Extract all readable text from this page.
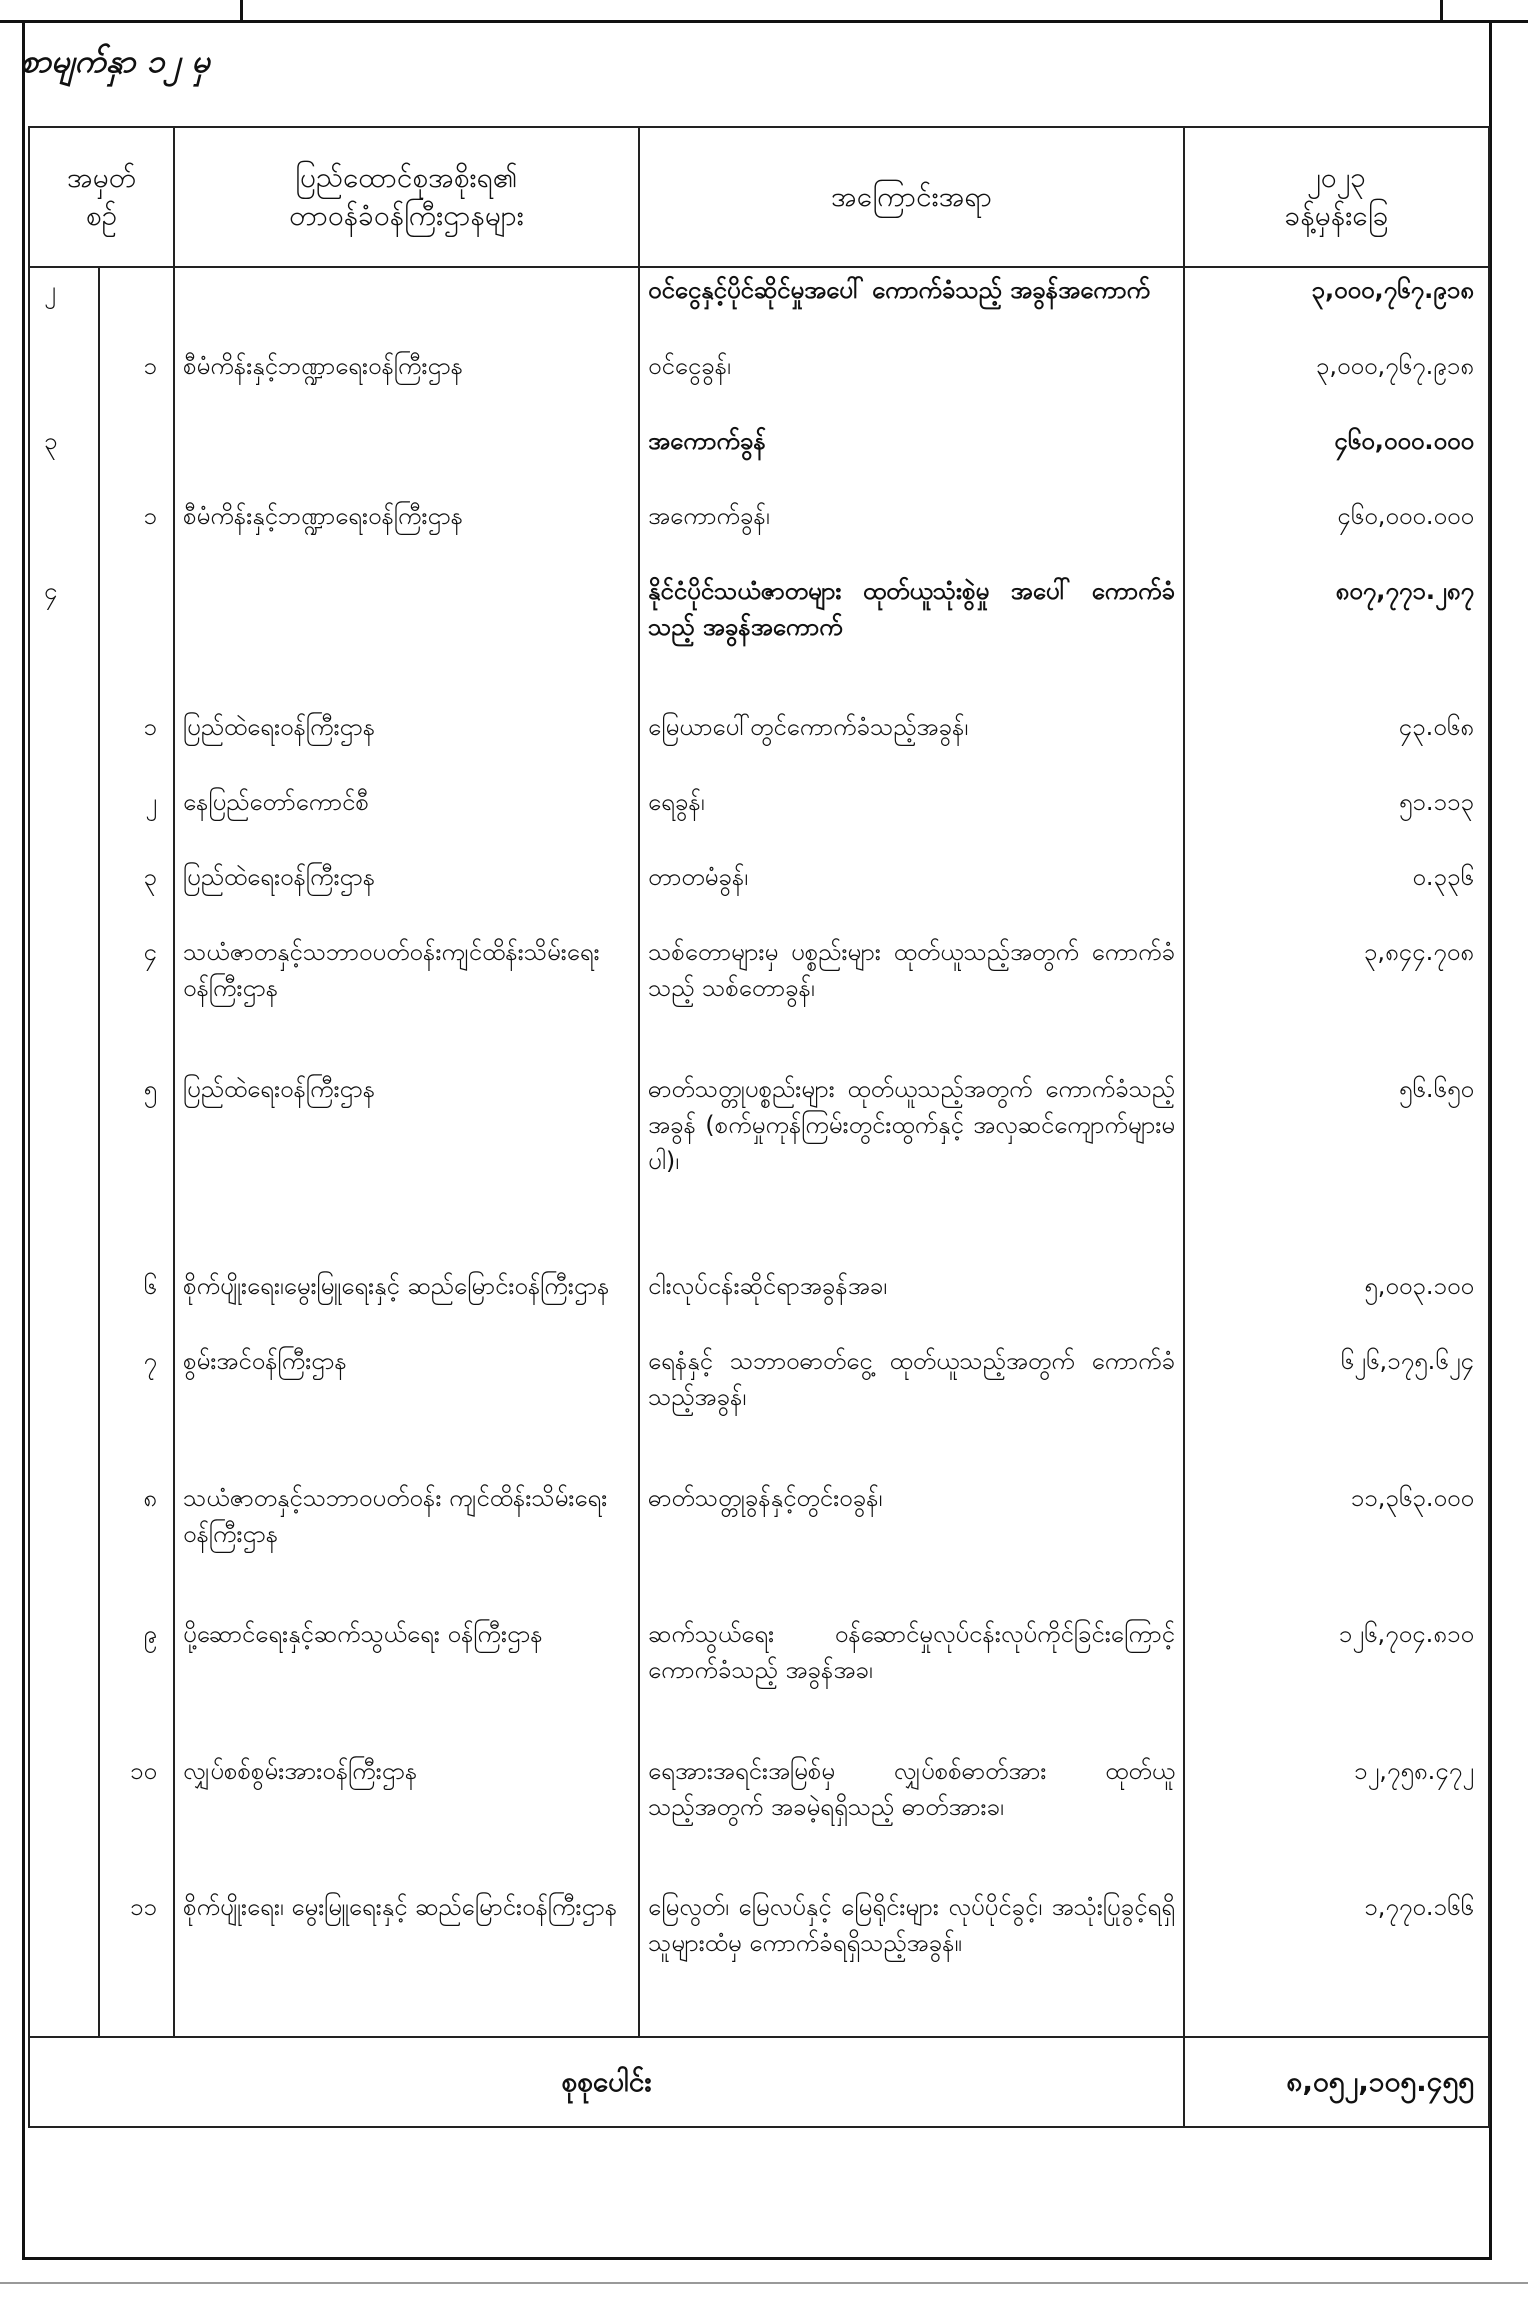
စာမျက်နှာ ၁၂ မှ
အမှတ်
စဉ်		ပြည်ထောင်စုအစိုးရ၏
တာဝန်ခံဝန်ကြီးဌာနများ	အကြောင်းအရာ	၂၀၂၃
ခန့်မှန်းခြေ
၂			ဝင်ငွေနှင့်ပိုင်ဆိုင်မှုအပေါ် ကောက်ခံသည့် အခွန်အကောက်	၃,၀၀၀,၇၆၇.၉၁၈
	၁	စီမံကိန်းနှင့်ဘဏ္ဍာရေးဝန်ကြီးဌာန	ဝင်ငွေခွန်၊	၃,၀၀၀,၇၆၇.၉၁၈
၃			အကောက်ခွန်	၄၆၀,၀၀၀.၀၀၀
	၁	စီမံကိန်းနှင့်ဘဏ္ဍာရေးဝန်ကြီးဌာန	အကောက်ခွန်၊	၄၆၀,၀၀၀.၀၀၀
၄			နိုင်ငံပိုင်သယံဇာတများ ထုတ်ယူသုံးစွဲမှု အပေါ် ကောက်ခံသည့် အခွန်အကောက်	၈၀၇,၇၇၁.၂၈၇
	၁	ပြည်ထဲရေးဝန်ကြီးဌာန	မြေယာပေါ်တွင်ကောက်ခံသည့်အခွန်၊	၄၃.၀၆၈
	၂	နေပြည်တော်ကောင်စီ	ရေခွန်၊	၅၁.၁၁၃
	၃	ပြည်ထဲရေးဝန်ကြီးဌာန	တာတမံခွန်၊	၀.၃၃၆
	၄	သယံဇာတနှင့်သဘာဝပတ်ဝန်းကျင်ထိန်းသိမ်းရေး ဝန်ကြီးဌာန	သစ်တောများမှ ပစ္စည်းများ ထုတ်ယူသည့်အတွက် ကောက်ခံသည့် သစ်တောခွန်၊	၃,၈၄၄.၇၀၈
	၅	ပြည်ထဲရေးဝန်ကြီးဌာန	ဓာတ်သတ္တုပစ္စည်းများ ထုတ်ယူသည့်အတွက် ကောက်ခံသည့်အခွန် (စက်မှုကုန်ကြမ်းတွင်းထွက်နှင့် အလှဆင်ကျောက်များမပါ)၊	၅၆.၆၅၀
	၆	စိုက်ပျိုးရေး၊မွေးမြူရေးနှင့် ဆည်မြောင်းဝန်ကြီးဌာန	ငါးလုပ်ငန်းဆိုင်ရာအခွန်အခ၊	၅,၀၀၃.၁၀၀
	၇	စွမ်းအင်ဝန်ကြီးဌာန	ရေနံနှင့် သဘာဝဓာတ်ငွေ့ ထုတ်ယူသည့်အတွက် ကောက်ခံသည့်အခွန်၊	၆၂၆,၁၇၅.၆၂၄
	၈	သယံဇာတနှင့်သဘာဝပတ်ဝန်း ကျင်ထိန်းသိမ်းရေးဝန်ကြီးဌာန	ဓာတ်သတ္တုခွန်နှင့်တွင်းဝခွန်၊	၁၁,၃၆၃.၀၀၀
	၉	ပို့ဆောင်ရေးနှင့်ဆက်သွယ်ရေး ဝန်ကြီးဌာန	ဆက်သွယ်ရေး ဝန်ဆောင်မှုလုပ်ငန်းလုပ်ကိုင်ခြင်းကြောင့် ကောက်ခံသည့် အခွန်အခ၊	၁၂၆,၇၀၄.၈၁၀
	၁၀	လျှပ်စစ်စွမ်းအားဝန်ကြီးဌာန	ရေအားအရင်းအမြစ်မှ လျှပ်စစ်ဓာတ်အား ထုတ်ယူသည့်အတွက် အခမဲ့ရရှိသည့် ဓာတ်အားခ၊	၁၂,၇၅၈.၄၇၂
	၁၁	စိုက်ပျိုးရေး၊ မွေးမြူရေးနှင့် ဆည်မြောင်းဝန်ကြီးဌာန	မြေလွတ်၊ မြေလပ်နှင့် မြေရိုင်းများ လုပ်ပိုင်ခွင့်၊ အသုံးပြုခွင့်ရရှိသူများထံမှ ကောက်ခံရရှိသည့်အခွန်။	၁,၇၇၀.၁၆၆

စုစုပေါင်း				၈,၀၅၂,၁၀၅.၄၅၅
